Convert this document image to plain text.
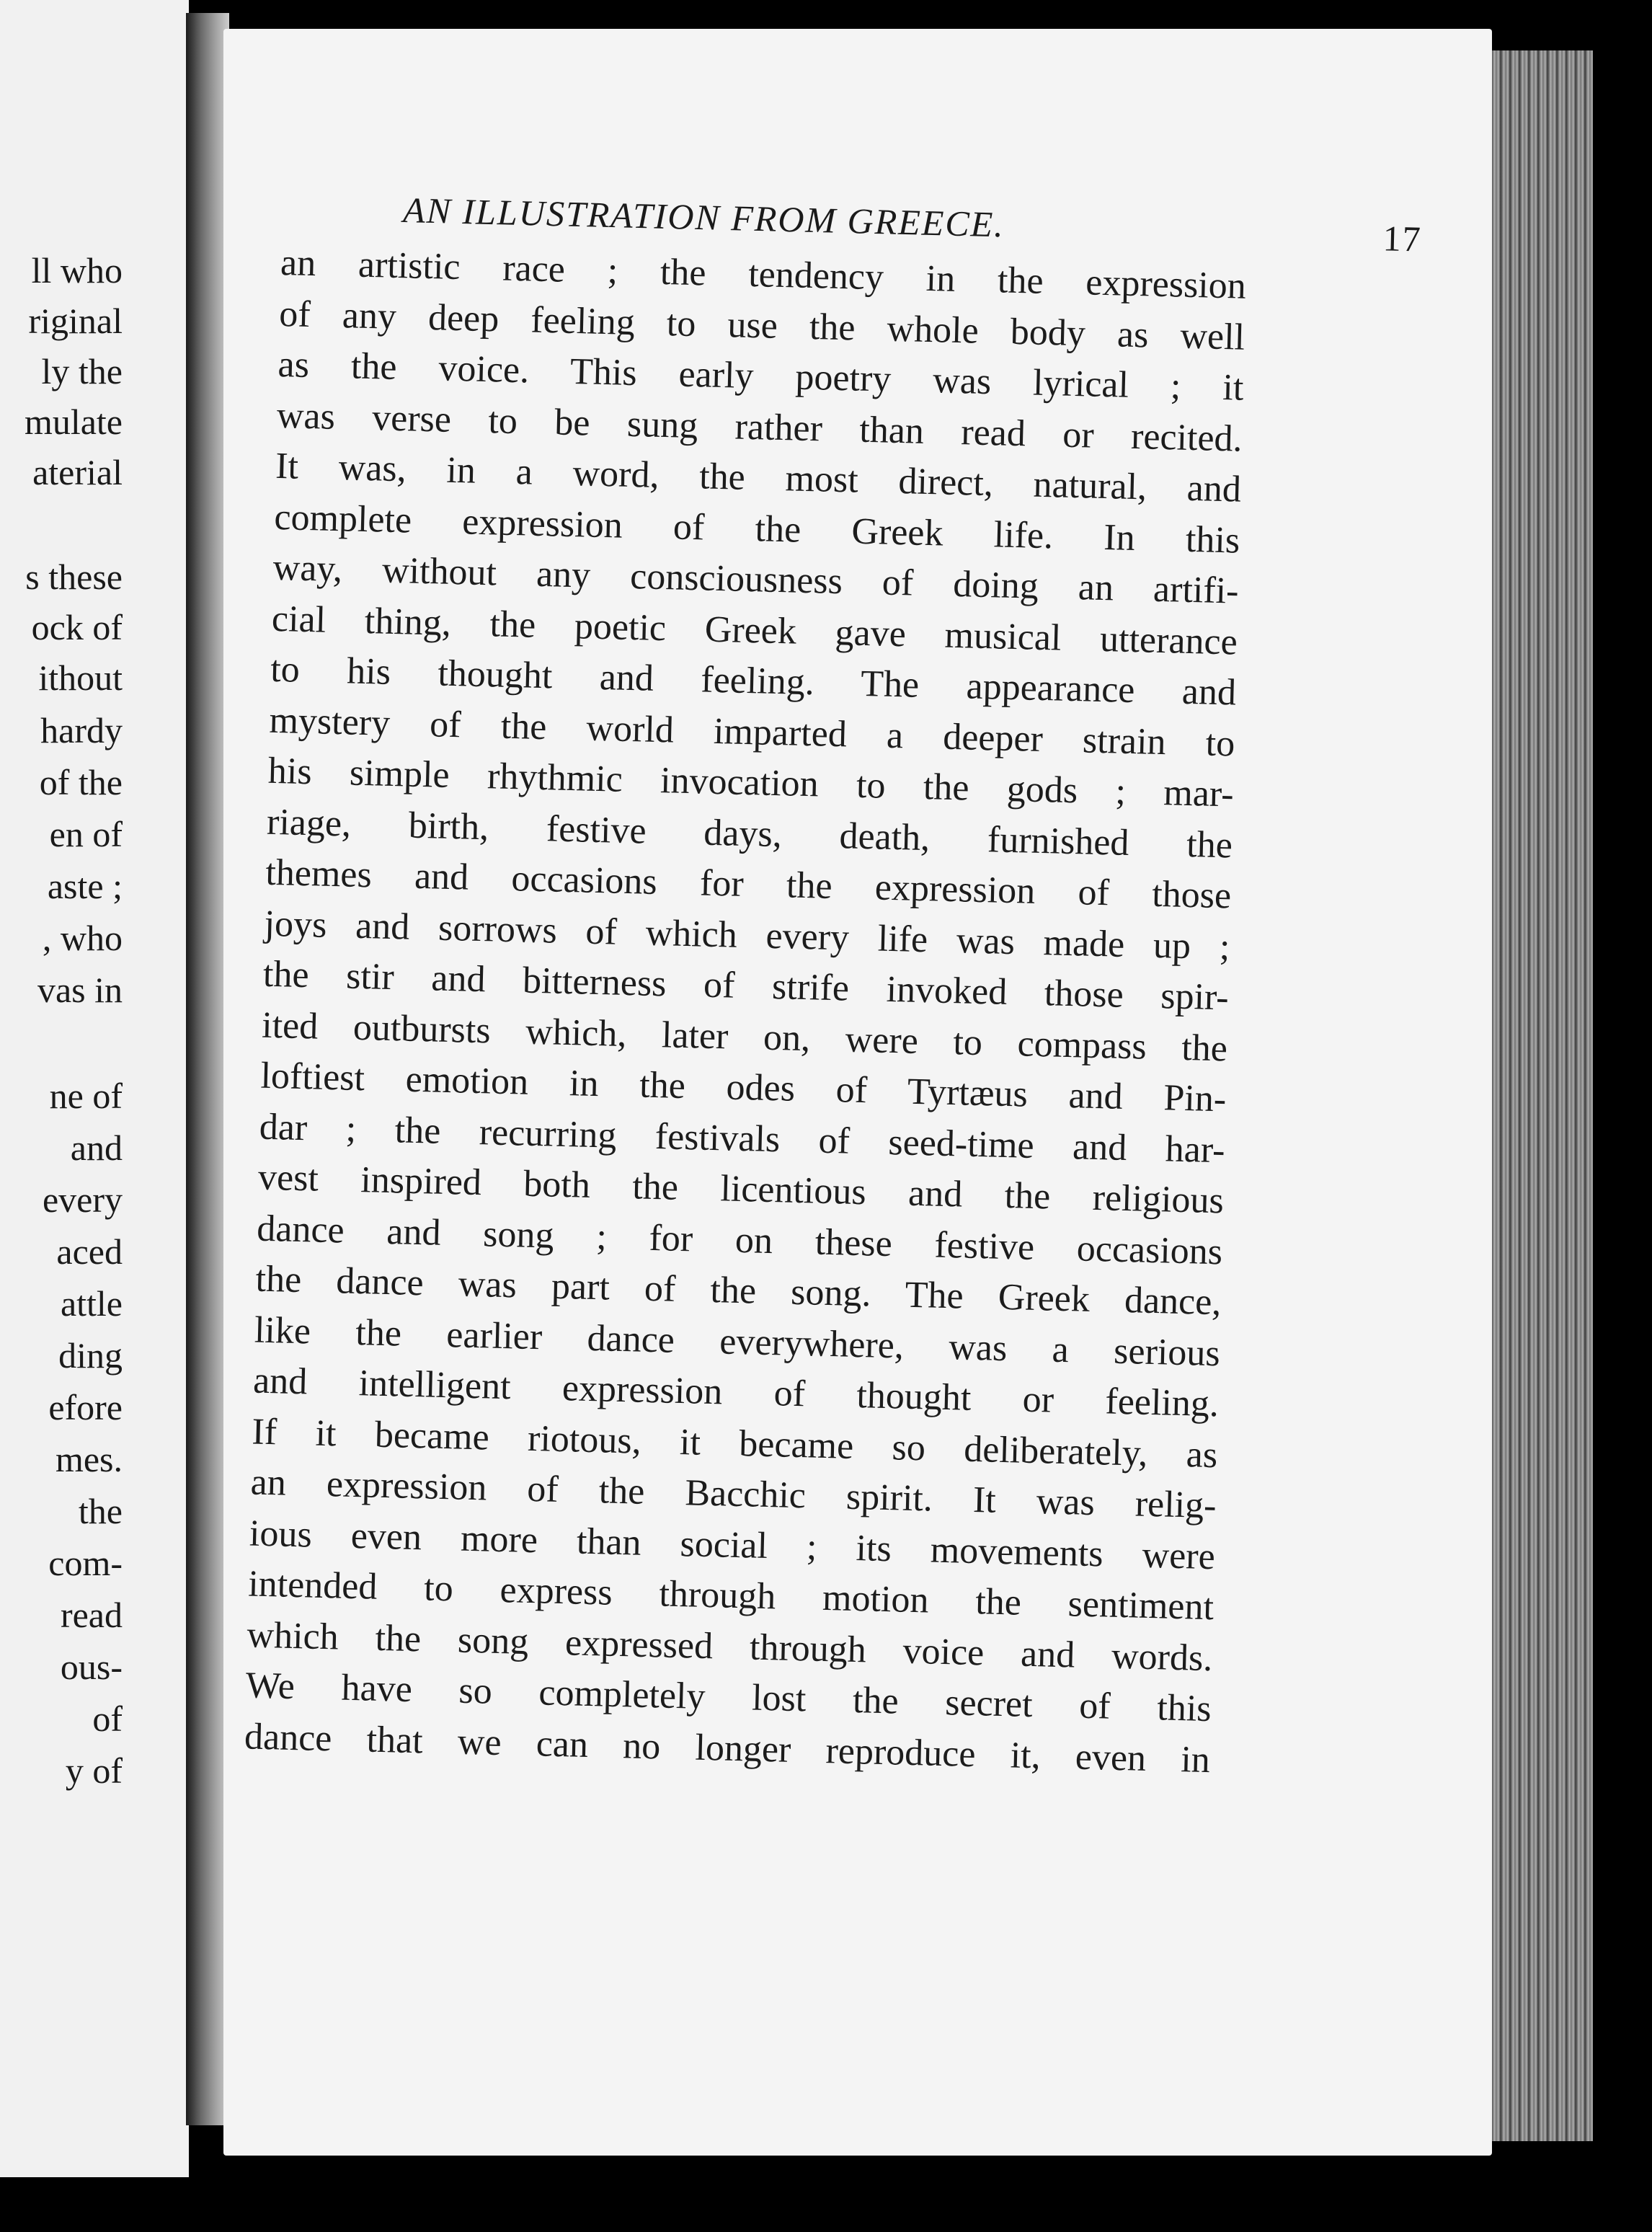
ll who
riginal
ly the
mulate
aterial
s these
ock of
ithout
hardy
of the
en of
aste ;
, who
vas in
ne of
and
every
aced
attle
ding
efore
mes.
the
com-
read
ous-
of
y of
AN ILLUSTRATION FROM GREECE.	17
an artistic race ; the tendency in the expression
of any deep feeling to use the whole body as well
as the voice. This early poetry was lyrical ; it
was verse to be sung rather than read or recited.
It was, in a word, the most direct, natural, and
complete expression of the Greek life. In this
way, without any consciousness of doing an artifi-
cial thing, the poetic Greek gave musical utterance
to his thought and feeling. The appearance and
mystery of the world imparted a deeper strain to
his simple rhythmic invocation to the gods ; mar-
riage, birth, festive days, death, furnished the
themes and occasions for the expression of those
joys and sorrows of which every life was made up ;
the stir and bitterness of strife invoked those spir-
ited outbursts which, later on, were to compass the
loftiest emotion in the odes of Tyrtæus and Pin-
dar ; the recurring festivals of seed-time and har-
vest inspired both the licentious and the religious
dance and song ; for on these festive occasions
the dance was part of the song. The Greek dance,
like the earlier dance everywhere, was a serious
and intelligent expression of thought or feeling.
If it became riotous, it became so deliberately, as
an expression of the Bacchic spirit. It was relig-
ious even more than social ; its movements were
intended to express through motion the sentiment
which the song expressed through voice and words.
We have so completely lost the secret of this
dance that we can no longer reproduce it, even in
